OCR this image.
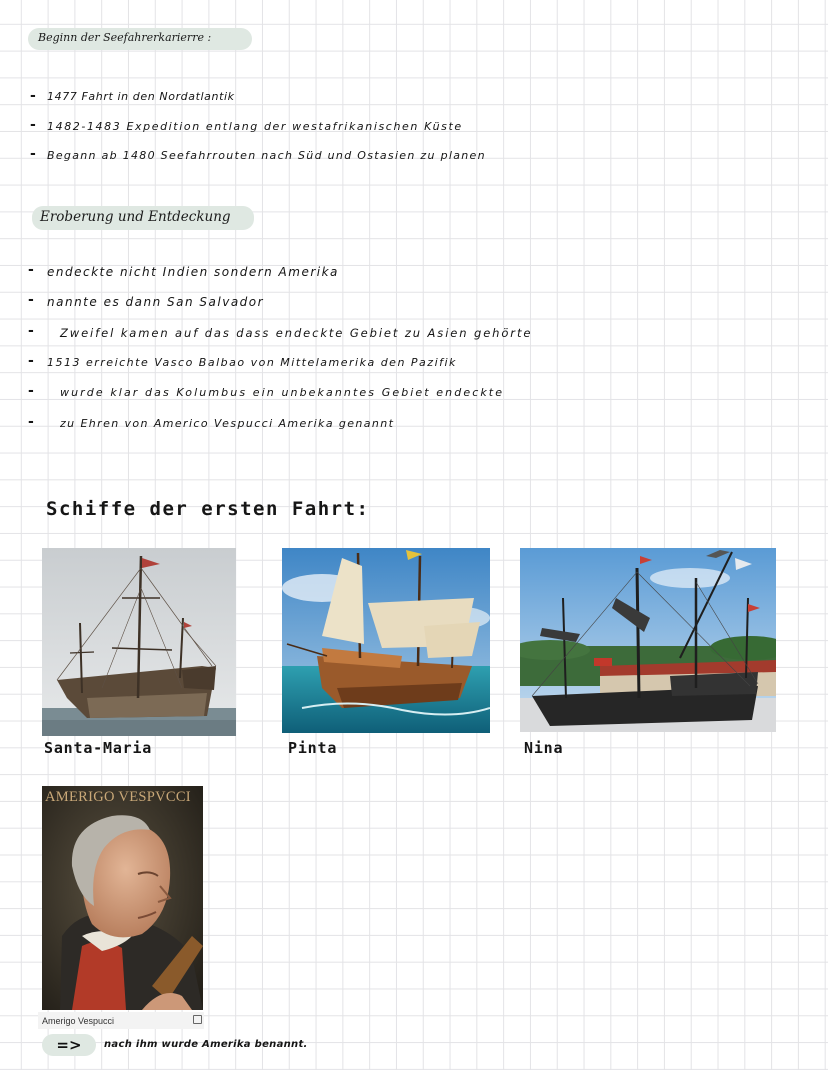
Beginn der Seefahrerkarierre :
- 1477 Fahrt in den Nordatlantik
- 1482-1483 Expedition entlang der westafrikanischen Küste
- Begann ab 1480 Seefahrrouten nach Süd und Ostasien zu planen
Eroberung und Entdeckung
- endeckte nicht Indien sondern Amerika
- nannte es dann San Salvador
- Zweifel kamen auf das dass endeckte Gebiet zu Asien gehörte
- 1513 erreichte Vasco Balbao von Mittelamerika den Pazifik
- wurde klar das Kolumbus ein unbekanntes Gebiet endeckte
- zu Ehren von Americo Vespucci Amerika genannt
Schiffe der ersten Fahrt:
Santa-Maria	Pinta	Nina
AMERIGO VESPVCCI
Amerigo Vespucci
=>	nach ihm wurde Amerika benannt.
